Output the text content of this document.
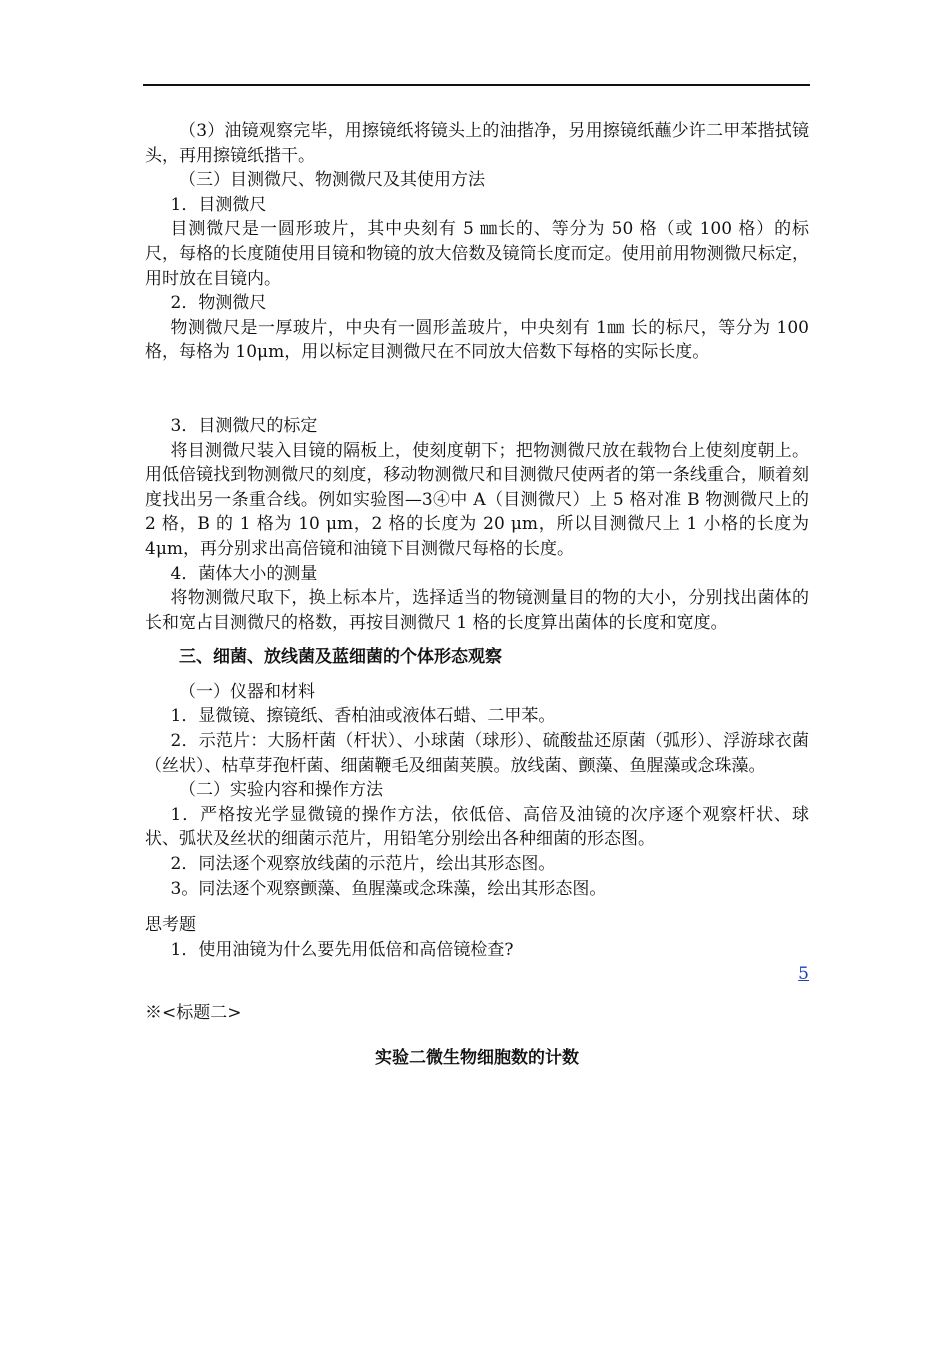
（3）油镜观察完毕，用擦镜纸将镜头上的油揩净，另用擦镜纸蘸少许二甲苯揩拭镜头，再用擦镜纸揩干。

（三）目测微尺、物测微尺及其使用方法

1．目测微尺

目测微尺是一圆形玻片，其中央刻有 5 ㎜长的、等分为 50 格（或 100 格）的标尺，每格的长度随使用目镜和物镜的放大倍数及镜筒长度而定。使用前用物测微尺标定，用时放在目镜内。

2．物测微尺

物测微尺是一厚玻片，中央有一圆形盖玻片，中央刻有 1㎜ 长的标尺，等分为 100 格，每格为 10μm，用以标定目测微尺在不同放大倍数下每格的实际长度。

3．目测微尺的标定

将目测微尺装入目镜的隔板上，使刻度朝下；把物测微尺放在载物台上使刻度朝上。用低倍镜找到物测微尺的刻度，移动物测微尺和目测微尺使两者的第一条线重合，顺着刻度找出另一条重合线。例如实验图—3④中 A（目测微尺）上 5 格对准 B 物测微尺上的 2 格，B 的 1 格为 10 μm，2 格的长度为 20 μm，所以目测微尺上 1 小格的长度为 4μm，再分别求出高倍镜和油镜下目测微尺每格的长度。

4．菌体大小的测量

将物测微尺取下，换上标本片，选择适当的物镜测量目的物的大小，分别找出菌体的长和宽占目测微尺的格数，再按目测微尺 1 格的长度算出菌体的长度和宽度。

三、细菌、放线菌及蓝细菌的个体形态观察

（一）仪器和材料

1．显微镜、擦镜纸、香柏油或液体石蜡、二甲苯。

2．示范片：大肠杆菌（杆状）、小球菌（球形）、硫酸盐还原菌（弧形）、浮游球衣菌（丝状）、枯草芽孢杆菌、细菌鞭毛及细菌荚膜。放线菌、颤藻、鱼腥藻或念珠藻。

（二）实验内容和操作方法

1．严格按光学显微镜的操作方法，依低倍、高倍及油镜的次序逐个观察杆状、球状、弧状及丝状的细菌示范片，用铅笔分别绘出各种细菌的形态图。

2．同法逐个观察放线菌的示范片，绘出其形态图。

3。同法逐个观察颤藻、鱼腥藻或念珠藻，绘出其形态图。

思考题

1．使用油镜为什么要先用低倍和高倍镜检查?

5

※<标题二>

实验二微生物细胞数的计数
